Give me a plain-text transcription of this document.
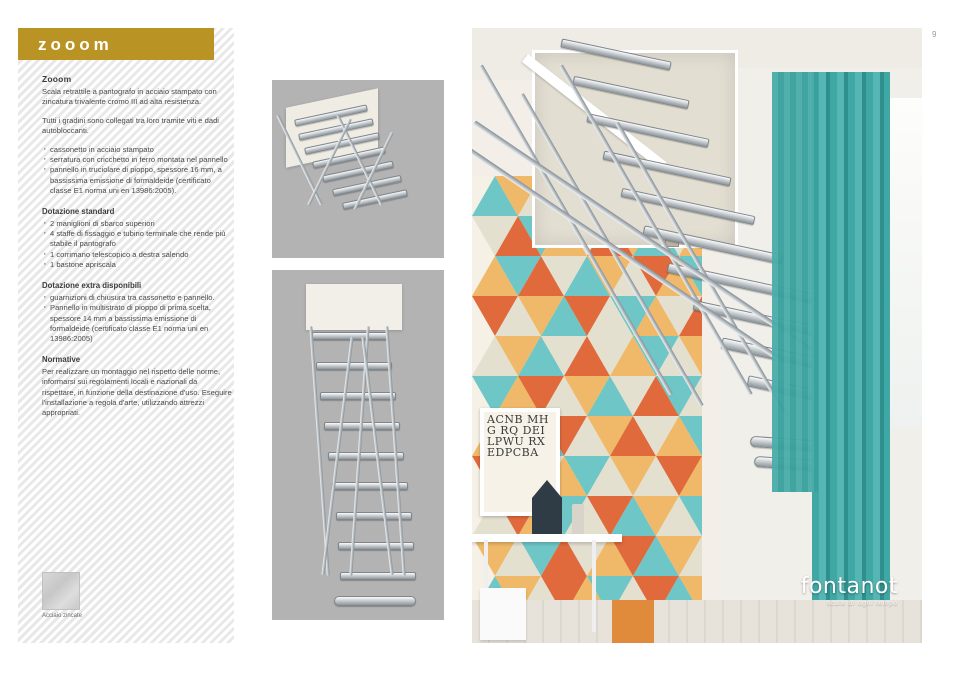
9
zooom

Zooom

Scala retrattile a pantografo in acciaio stampato con zincatura trivalente cromo III ad alta resistenza.

Tutti i gradini sono collegati tra loro tramite viti e dadi autobloccanti.

· cassonetto in acciaio stampato
· serratura con cricchetto in ferro montata nel pannello
· pannello in truciolare di pioppo, spessore 16 mm, a bassissima emissione di formaldeide (certificato classe E1 norma uni en 13986:2005).

Dotazione standard

· 2 maniglioni di sbarco superiori
· 4 staffe di fissaggio e tubino terminale che rende più stabile il pantografo
· 1 corrimano telescopico a destra salendo
· 1 bastone apriscala

Dotazione extra disponibili

· guarnizioni di chiusura tra cassonetto e pannello.
· Pannello in multistrato di pioppo di prima scelta, spessore 14 mm a bassissima emissione di formaldeide (certificato classe E1 norma uni en 13986:2005)

Normative

Per realizzare un montaggio nel rispetto delle norme, informarsi sui regolamenti locali e nazionali da rispettare, in funzione della destinazione d'uso. Eseguire l'installazione a regola d'arte, utilizzando attrezzi appropriati.

Acciaio zincate
ACNB MHG RQ DEILPWU RXEDPCBA
fontanot
scale di ogni tempo
